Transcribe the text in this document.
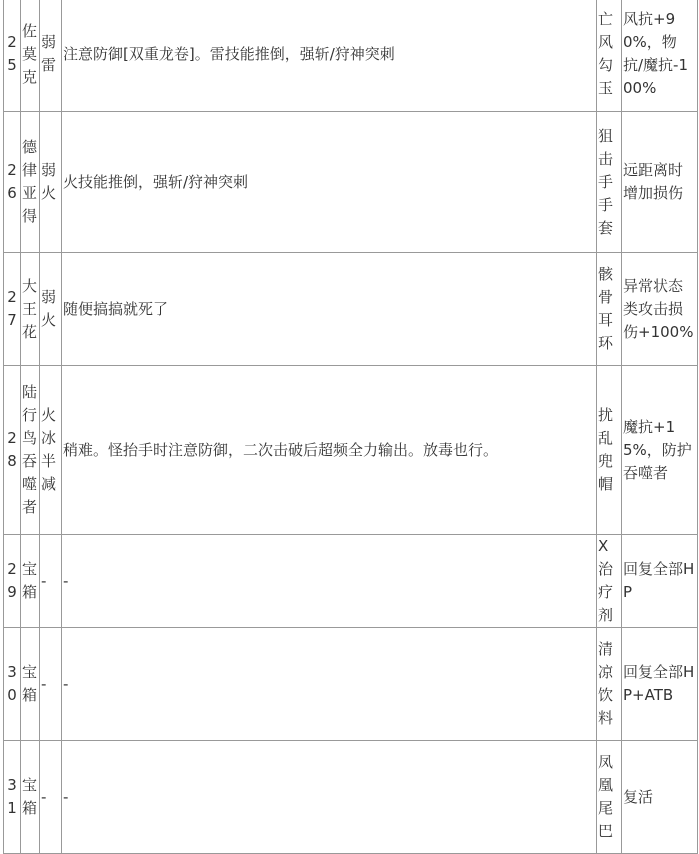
25	佐莫克	弱雷	注意防御[双重龙卷]。雷技能推倒，强斩/狩神突刺	亡风勾玉	风抗+90%，物抗/魔抗-100%
26	德律亚得	弱火	火技能推倒，强斩/狩神突刺	狙击手手套	远距离时增加损伤
27	大王花	弱火	随便搞搞就死了	骸骨耳环	异常状态类攻击损伤+100%
28	陆行鸟吞噬者	火冰半减	稍难。怪抬手时注意防御，二次击破后超频全力输出。放毒也行。	扰乱兜帽	魔抗+15%，防护吞噬者
29	宝箱	-	-	X治疗剂	回复全部HP
30	宝箱	-	-	清凉饮料	回复全部HP+ATB
31	宝箱	-	-	凤凰尾巴	复活
